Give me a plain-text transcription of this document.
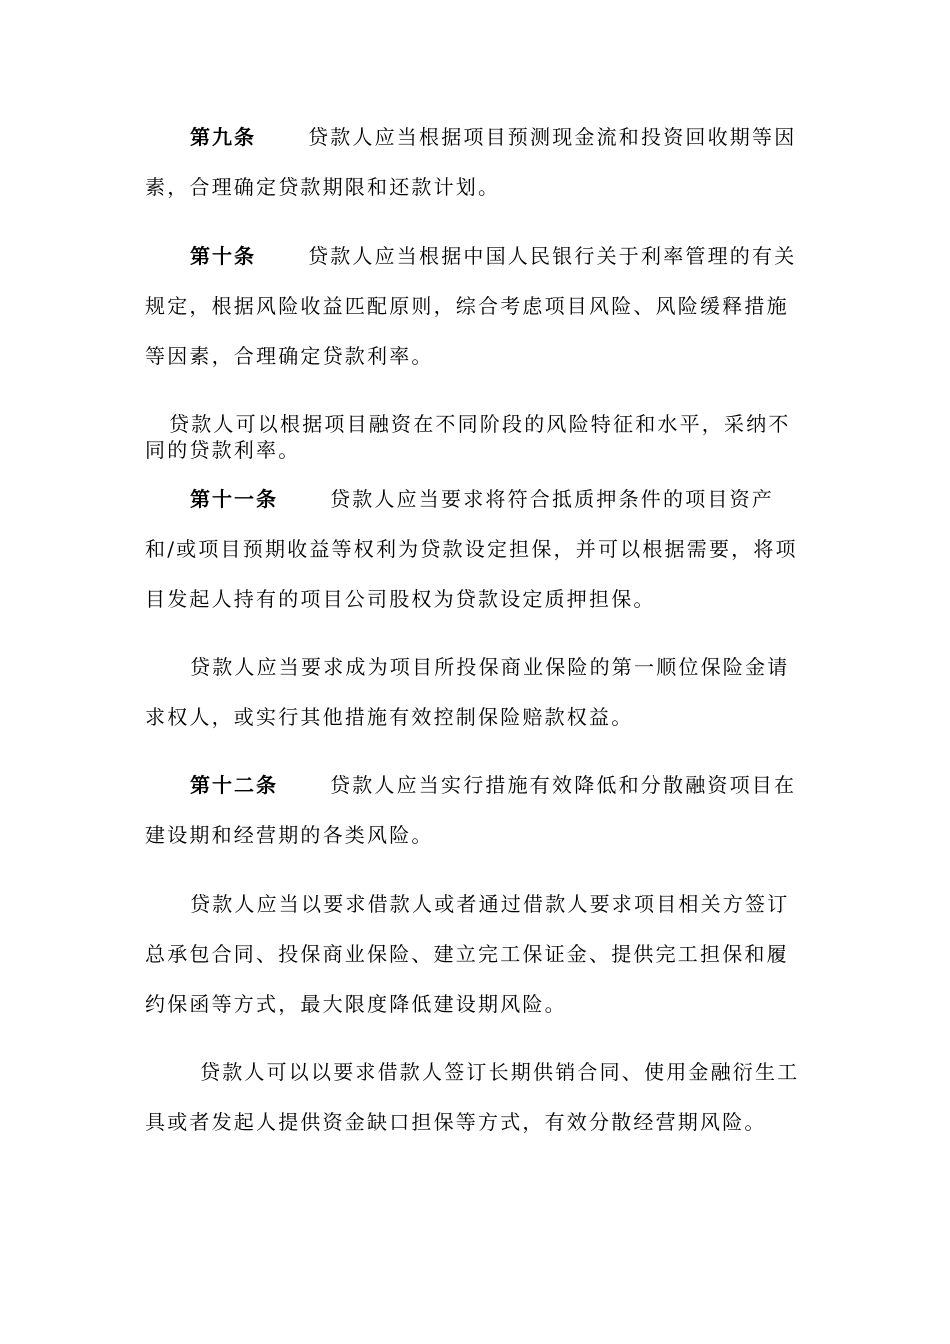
第九条	贷款人应当根据项目预测现金流和投资回收期等因素，合理确定贷款期限和还款计划。

第十条	贷款人应当根据中国人民银行关于利率管理的有关规定，根据风险收益匹配原则，综合考虑项目风险、风险缓释措施等因素，合理确定贷款利率。

贷款人可以根据项目融资在不同阶段的风险特征和水平，采纳不同的贷款利率。

第十一条	贷款人应当要求将符合抵质押条件的项目资产和/或项目预期收益等权利为贷款设定担保，并可以根据需要，将项目发起人持有的项目公司股权为贷款设定质押担保。

贷款人应当要求成为项目所投保商业保险的第一顺位保险金请求权人，或实行其他措施有效控制保险赔款权益。

第十二条	贷款人应当实行措施有效降低和分散融资项目在建设期和经营期的各类风险。

贷款人应当以要求借款人或者通过借款人要求项目相关方签订总承包合同、投保商业保险、建立完工保证金、提供完工担保和履约保函等方式，最大限度降低建设期风险。

贷款人可以以要求借款人签订长期供销合同、使用金融衍生工具或者发起人提供资金缺口担保等方式，有效分散经营期风险。
